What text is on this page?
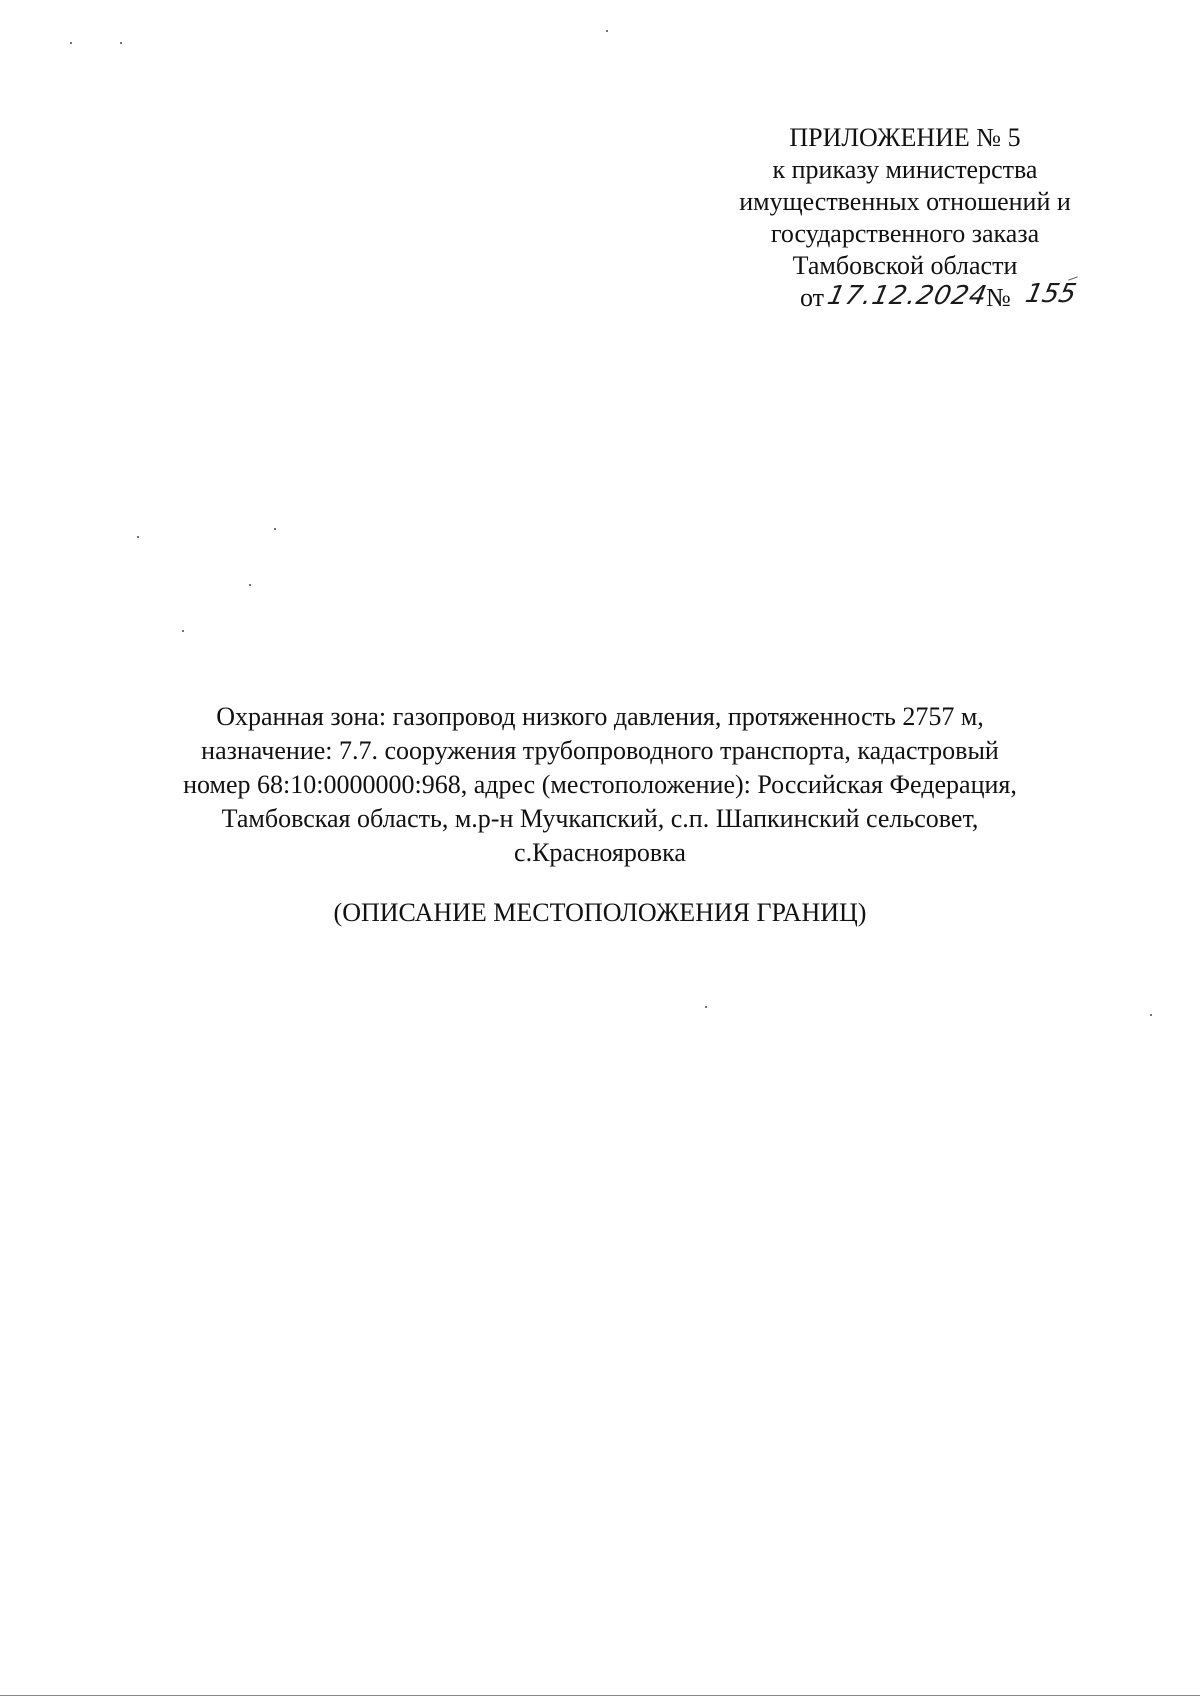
ПРИЛОЖЕНИЕ № 5
к приказу министерства
имущественных отношений и
государственного заказа
Тамбовской области
от 17.12.2024
№ 155
Охранная зона: газопровод низкого давления, протяженность 2757 м,
назначение: 7.7. сооружения трубопроводного транспорта, кадастровый
номер 68:10:0000000:968, адрес (местоположение): Российская Федерация,
Тамбовская область, м.р-н Мучкапский, с.п. Шапкинский сельсовет,
с.Краснояровка
(ОПИСАНИЕ МЕСТОПОЛОЖЕНИЯ ГРАНИЦ)
